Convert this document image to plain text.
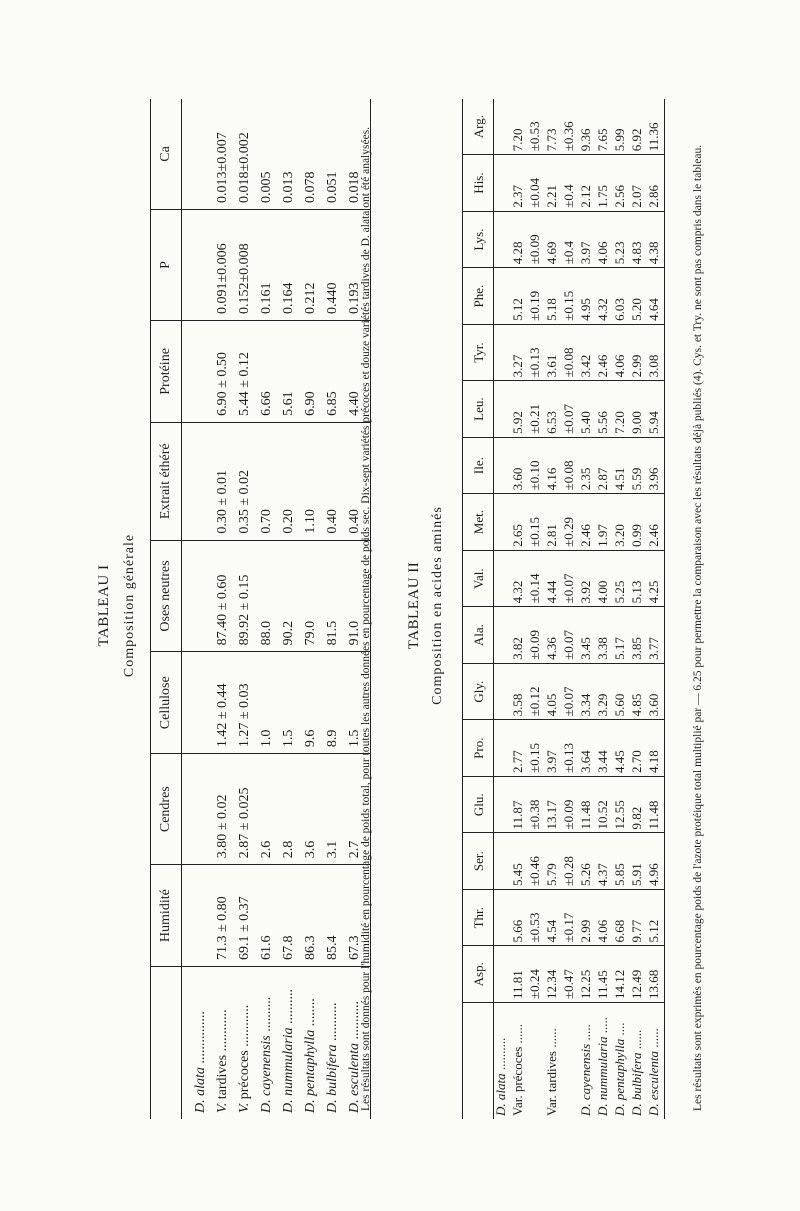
TABLEAU I Composition générale
	Humidité	Cendres	Cellulose	Oses neutres	Extrait éthéré	Protéine	P	Ca
D. alata ...............								
V. tardives ............	71.3 ± 0.80	3.80 ± 0.02	1.42 ± 0.44	87.40 ± 0.60	0.30 ± 0.01	6.90 ± 0.50	0.091±0.006	0.013±0.007
V. précoces ............	69.1 ± 0.37	2.87 ± 0.025	1.27 ± 0.03	89.92 ± 0.15	0.35 ± 0.02	5.44 ± 0.12	0.152±0.008	0.018±0.002
D. cayenensis ..........	61.6	2.6	1.0	88.0	0.70	6.66	0.161	0.005
D. nummularia ..........	67.8	2.8	1.5	90.2	0.20	5.61	0.164	0.013
D. pentaphylla ........	86.3	3.6	9.6	79.0	1.10	6.90	0.212	0.078
D. bulbifera ...........	85.4	3.1	8.9	81.5	0.40	6.85	0.440	0.051
D. esculenta ...........	67.3	2.7	1.5	91.0	0.40	4.40	0.193	0.018
Les résultats sont donnés pour l'humidité en pourcentage de poids total, pour toutes les autres données en pourcentage de poids sec. Dix-sept variétés précoces et douze variétés tardives de D. alata ont été analysées. TABLEAU II Composition en acides aminés
	Asp.	Thr.	Ser.	Glu.	Pro.	Gly.	Ala.	Val.	Met.	Ile.	Leu.	Tyr.	Phe.	Lys.	His.	Arg.
D. alata ..........																
Var. précoces ......	11.81	5.66	5.45	11.87	2.77	3.58	3.82	4.32	2.65	3.60	5.92	3.27	5.12	4.28	2.37	7.20
	±0.24	±0.53	±0.46	±0.38	±0.15	±0.12	±0.09	±0.14	±0.15	±0.10	±0.21	±0.13	±0.19	±0.09	±0.04	±0.53
Var. tardives ......	12.34	4.54	5.79	13.17	3.97	4.05	4.36	4.44	2.81	4.16	6.53	3.61	5.18	4.69	2.21	7.73
	±0.47	±0.17	±0.28	±0.09	±0.13	±0.07	±0.07	±0.07	±0.29	±0.08	±0.07	±0.08	±0.15	±0.4	±0.4	±0.36
D. cayenensis .....	12.25	2.99	5.26	11.48	3.64	3.34	3.45	3.92	2.46	2.35	5.40	3.42	4.95	3.97	2.12	9.36
D. nummularia .....	11.45	4.06	4.37	10.52	3.44	3.29	3.38	4.00	1.97	2.87	5.56	2.46	4.32	4.06	1.75	7.65
D. pentaphylla ....	14.12	6.68	5.85	12.55	4.45	5.60	5.17	5.25	3.20	4.51	7.20	4.06	6.03	5.23	2.56	5.99
D. bulbifera ......	12.49	9.77	5.91	9.82	2.70	4.85	3.85	5.13	0.99	5.59	9.00	2.99	5.20	4.83	2.07	6.92
D. esculenta ......	13.68	5.12	4.96	11.48	4.18	3.60	3.77	4.25	2.46	3.96	5.94	3.08	4.64	4.38	2.86	11.36
Les résultats sont exprimés en pourcentage poids de l'azote protéique total multiplié par — 6.25 pour permettre la comparaison avec les résultats déjà publiés (4). Cys. et Try. ne sont pas compris dans le tableau.
